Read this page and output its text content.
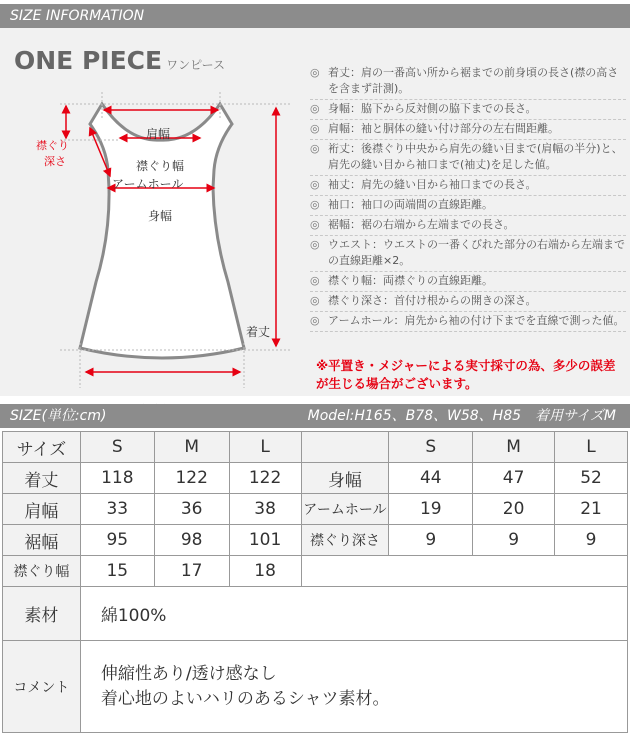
SIZE INFORMATION
ONE PIECE ワンピース
肩幅
襟ぐり幅
襟ぐり
深さ
アームホール
身幅
着丈
◎ 着丈：肩の一番高い所から裾までの前身頃の長さ(襟の高さを含まず計測)。
◎ 身幅：脇下から反対側の脇下までの長さ。
◎ 肩幅：袖と胴体の縫い付け部分の左右間距離。
◎ 裄丈：後襟ぐり中央から肩先の縫い目まで(肩幅の半分)と、肩先の縫い目から袖口まで(袖丈)を足した値。
◎ 袖丈：肩先の縫い目から袖口までの長さ。
◎ 袖口：袖口の両端間の直線距離。
◎ 裾幅：裾の右端から左端までの長さ。
◎ ウエスト：ウエストの一番くびれた部分の右端から左端までの直線距離×2。
◎ 襟ぐり幅：両襟ぐりの直線距離。
◎ 襟ぐり深さ：首付け根からの開きの深さ。
◎ アームホール：肩先から袖の付け下までを直線で測った値。
※平置き・メジャーによる実寸採寸の為、多少の誤差が生じる場合がございます。
SIZE(単位:cm)	Model:H165、B78、W58、H85　着用サイズM
サイズ	S	M	L		S	M	L
着丈	118	122	122	身幅	44	47	52
肩幅	33	36	38	アームホール	19	20	21
裾幅	95	98	101	襟ぐり深さ	9	9	9
襟ぐり幅	15	17	18				
素材	綿100%						
コメント	伸縮性あり/透け感なし
着心地のよいハリのあるシャツ素材。						
